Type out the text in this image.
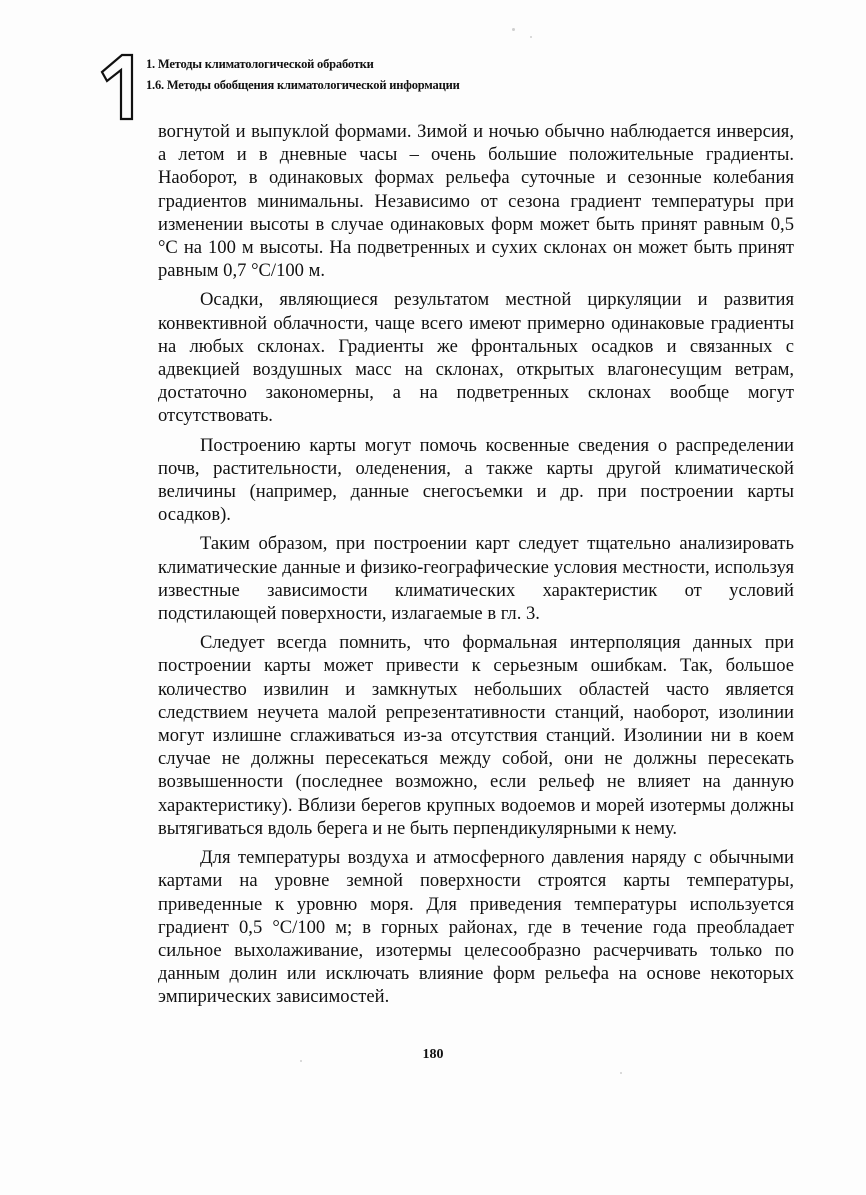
1. Методы климатологической обработки
1.6. Методы обобщения климатологической информации

вогнутой и выпуклой формами. Зимой и ночью обычно наблюдается инверсия, а летом и в дневные часы – очень большие положительные градиенты. Наоборот, в одинаковых формах рельефа суточные и сезонные колебания градиентов минимальны. Независимо от сезона градиент температуры при изменении высоты в случае одинаковых форм может быть принят равным 0,5 °С на 100 м высоты. На подветренных и сухих склонах он может быть принят равным 0,7 °С/100 м.

Осадки, являющиеся результатом местной циркуляции и развития конвективной облачности, чаще всего имеют примерно одинаковые градиенты на любых склонах. Градиенты же фронтальных осадков и связанных с адвекцией воздушных масс на склонах, открытых влагонесущим ветрам, достаточно закономерны, а на подветренных склонах вообще могут отсутствовать.

Построению карты могут помочь косвенные сведения о распределении почв, растительности, оледенения, а также карты другой климатической величины (например, данные снегосъемки и др. при построении карты осадков).

Таким образом, при построении карт следует тщательно анализировать климатические данные и физико-географические условия местности, используя известные зависимости климатических характеристик от условий подстилающей поверхности, излагаемые в гл. 3.

Следует всегда помнить, что формальная интерполяция данных при построении карты может привести к серьезным ошибкам. Так, большое количество извилин и замкнутых небольших областей часто является следствием неучета малой репрезентативности станций, наоборот, изолинии могут излишне сглаживаться из-за отсутствия станций. Изолинии ни в коем случае не должны пересекаться между собой, они не должны пересекать возвышенности (последнее возможно, если рельеф не влияет на данную характеристику). Вблизи берегов крупных водоемов и морей изотермы должны вытягиваться вдоль берега и не быть перпендикулярными к нему.

Для температуры воздуха и атмосферного давления наряду с обычными картами на уровне земной поверхности строятся карты температуры, приведенные к уровню моря. Для приведения температуры используется градиент 0,5 °С/100 м; в горных районах, где в течение года преобладает сильное выхолаживание, изотермы целесообразно расчерчивать только по данным долин или исключать влияние форм рельефа на основе некоторых эмпирических зависимостей.

180
